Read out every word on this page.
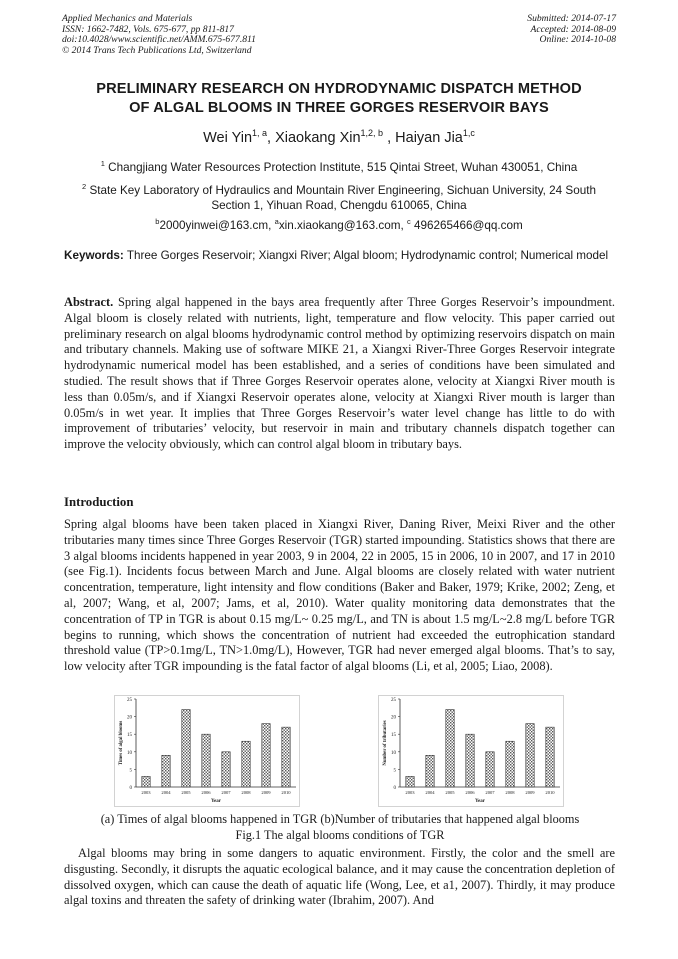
Applied Mechanics and Materials
ISSN: 1662-7482, Vols. 675-677, pp 811-817
doi:10.4028/www.scientific.net/AMM.675-677.811
© 2014 Trans Tech Publications Ltd, Switzerland
Submitted: 2014-07-17
Accepted: 2014-08-09
Online: 2014-10-08
PRELIMINARY RESEARCH ON HYDRODYNAMIC DISPATCH METHOD
OF ALGAL BLOOMS IN THREE GORGES RESERVOIR BAYS
Wei Yin$^{1, a}$, Xiaokang Xin$^{1,2, b}$ , Haiyan Jia$^{1,c}$
$^1$ Changjiang Water Resources Protection Institute, 515 Qintai Street, Wuhan 430051, China
$^2$ State Key Laboratory of Hydraulics and Mountain River Engineering, Sichuan University, 24 South
Section 1, Yihuan Road, Chengdu 610065, China
$^b$2000yinwei@163.cm, $^a$xin.xiaokang@163.com, $^c$ 496265466@qq.com
Keywords: Three Gorges Reservoir; Xiangxi River; Algal bloom; Hydrodynamic control; Numerical model
Abstract. Spring algal happened in the bays area frequently after Three Gorges Reservoir’s impoundment. Algal bloom is closely related with nutrients, light, temperature and flow velocity. This paper carried out preliminary research on algal blooms hydrodynamic control method by optimizing reservoirs dispatch on main and tributary channels. Making use of software MIKE 21, a Xiangxi River-Three Gorges Reservoir integrate hydrodynamic numerical model has been established, and a series of conditions have been simulated and studied. The result shows that if Three Gorges Reservoir operates alone, velocity at Xiangxi River mouth is less than 0.05m/s, and if Xiangxi Reservoir operates alone, velocity at Xiangxi River mouth is larger than 0.05m/s in wet year. It implies that Three Gorges Reservoir’s water level change has little to do with improvement of tributaries’ velocity, but reservoir in main and tributary channels dispatch together can improve the velocity obviously, which can control algal bloom in tributary bays.
Introduction
Spring algal blooms have been taken placed in Xiangxi River, Daning River, Meixi River and the other tributaries many times since Three Gorges Reservoir (TGR) started impounding. Statistics shows that there are 3 algal blooms incidents happened in year 2003, 9 in 2004, 22 in 2005, 15 in 2006, 10 in 2007, and 17 in 2010 (see Fig.1). Incidents focus between March and June. Algal blooms are closely related with water nutrient concentration, temperature, light intensity and flow conditions (Baker and Baker, 1979; Krike, 2002; Zeng, et al, 2007; Wang, et al, 2007; Jams, et al, 2010). Water quality monitoring data demonstrates that the concentration of TP in TGR is about 0.15 mg/L~ 0.25 mg/L, and TN is about 1.5 mg/L~2.8 mg/L before TGR begins to running, which shows the concentration of nutrient had exceeded the eutrophication standard threshold value (TP>0.1mg/L, TN>1.0mg/L), However, TGR had never emerged algal blooms. That’s to say, low velocity after TGR impounding is the fatal factor of algal blooms (Li, et al, 2005; Liao, 2008).
0
5
10
15
20
25
2003 2004 2005 2006 2007 2008 2009 2010
Year
Times of algal blooms
0
5
10
15
20
25
2003 2004 2005 2006 2007 2008 2009 2010
Year
Number of tributaries
(a) Times of algal blooms happened in TGR (b)Number of tributaries that happened algal blooms
Fig.1 The algal blooms conditions of TGR
Algal blooms may bring in some dangers to aquatic environment. Firstly, the color and the smell are disgusting. Secondly, it disrupts the aquatic ecological balance, and it may cause the concentration depletion of dissolved oxygen, which can cause the death of aquatic life (Wong, Lee, et a1, 2007). Thirdly, it may produce algal toxins and threaten the safety of drinking water (Ibrahim, 2007). And
